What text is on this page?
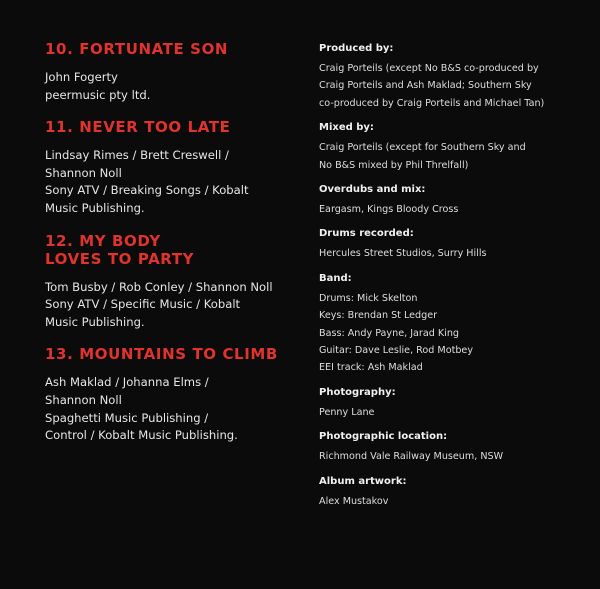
10. FORTUNATE SON
John Fogerty
peermusic pty ltd.
11. NEVER TOO LATE
Lindsay Rimes / Brett Creswell /
Shannon Noll
Sony ATV / Breaking Songs / Kobalt
Music Publishing.
12. MY BODY
LOVES TO PARTY
Tom Busby / Rob Conley / Shannon Noll
Sony ATV / Specific Music / Kobalt
Music Publishing.
13. MOUNTAINS TO CLIMB
Ash Maklad / Johanna Elms /
Shannon Noll
Spaghetti Music Publishing /
Control / Kobalt Music Publishing.
Produced by:
Craig Porteils (except No B&S co-produced by
Craig Porteils and Ash Maklad; Southern Sky
co-produced by Craig Porteils and Michael Tan)
Mixed by:
Craig Porteils (except for Southern Sky and
No B&S mixed by Phil Threlfall)
Overdubs and mix:
Eargasm, Kings Bloody Cross
Drums recorded:
Hercules Street Studios, Surry Hills
Band:
Drums: Mick Skelton
Keys: Brendan St Ledger
Bass: Andy Payne, Jarad King
Guitar: Dave Leslie, Rod Motbey
EEI track: Ash Maklad
Photography:
Penny Lane
Photographic location:
Richmond Vale Railway Museum, NSW
Album artwork:
Alex Mustakov
